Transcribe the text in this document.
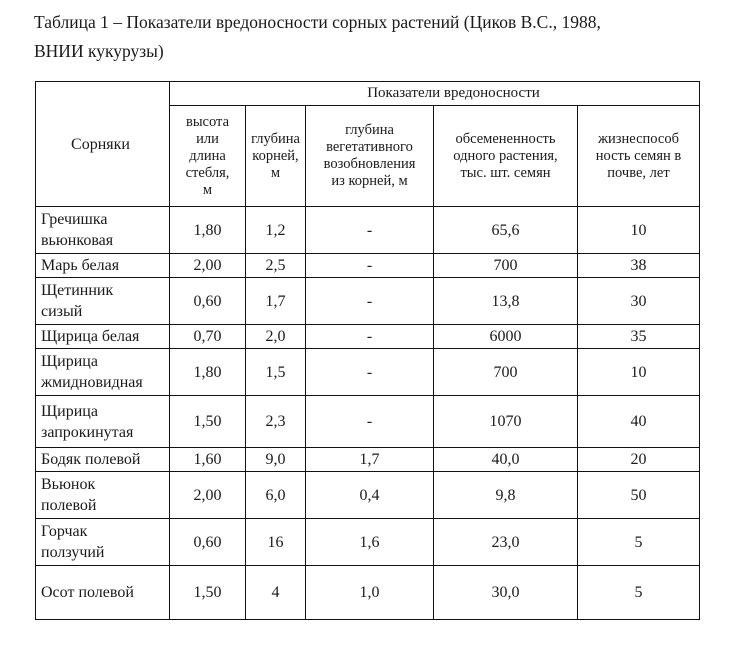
Таблица 1 – Показатели вредоносности сорных растений (Циков В.С., 1988,
ВНИИ кукурузы)
Сорняки	Показатели вредоносности				

	высота
или
длина
стебля,
м	глубина
корней,
м	глубина
вегетативного
возобновления
из корней, м	обсемененность
одного растения,
тыс. шт. семян	жизнеспособ
ность семян в
почве, лет

Гречишка
вьюнковая	1,80	1,2	-	65,6	10

Марь белая	2,00	2,5	-	700	38

Щетинник
сизый	0,60	1,7	-	13,8	30

Щирица белая	0,70	2,0	-	6000	35

Щирица
жмидновидная	1,80	1,5	-	700	10

Щирица
запрокинутая	1,50	2,3	-	1070	40

Бодяк полевой	1,60	9,0	1,7	40,0	20

Вьюнок
полевой	2,00	6,0	0,4	9,8	50

Горчак
ползучий	0,60	16	1,6	23,0	5

Осот полевой	1,50	4	1,0	30,0	5
